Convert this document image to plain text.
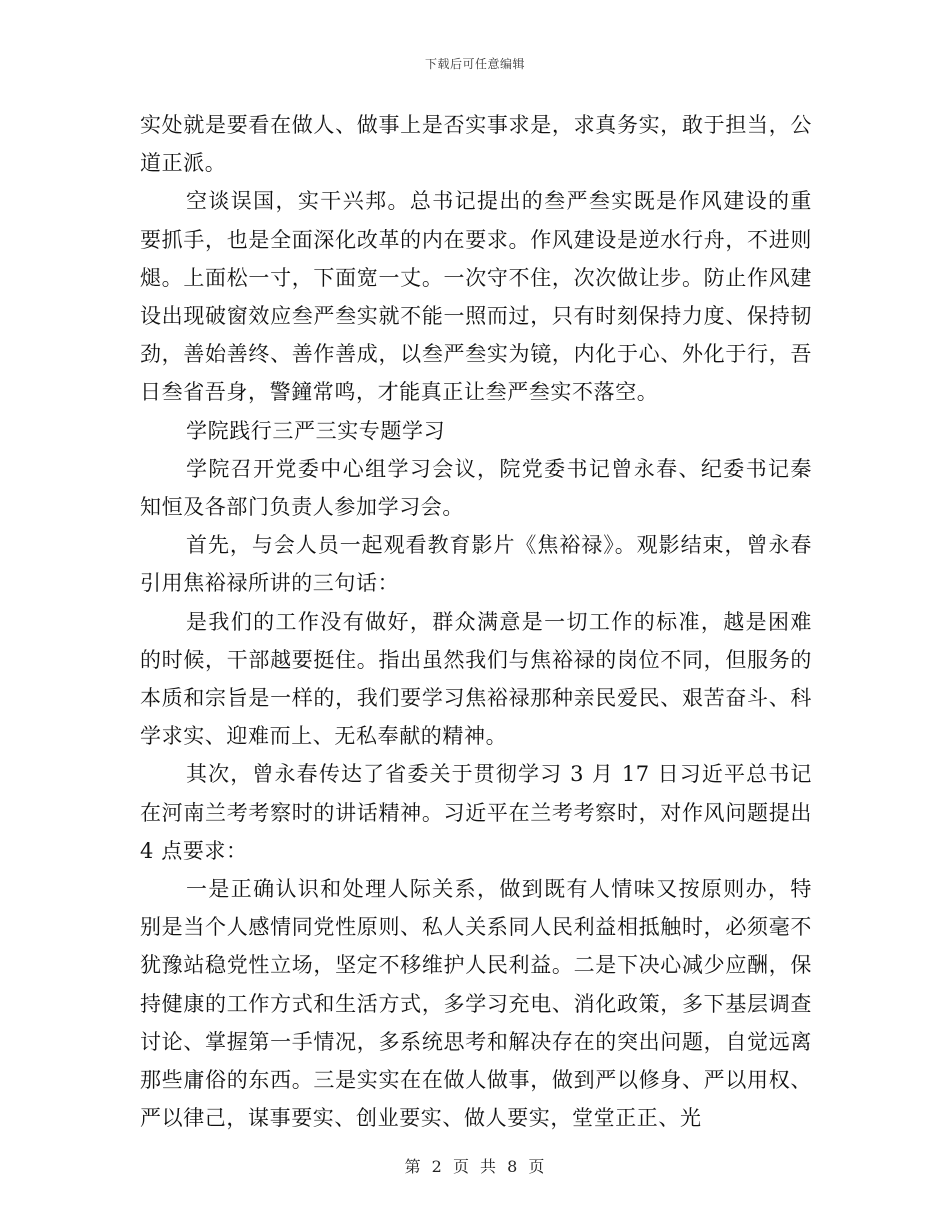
下载后可任意编辑

实处就是要看在做人、做事上是否实事求是，求真务实，敢于担当，公道正派。

空谈误国，实干兴邦。总书记提出的叁严叁实既是作风建设的重要抓手，也是全面深化改革的内在要求。作风建设是逆水行舟，不进则煺。上面松一寸，下面宽一丈。一次守不住，次次做让步。防止作风建设出现破窗效应叁严叁实就不能一照而过，只有时刻保持力度、保持韧劲，善始善终、善作善成，以叁严叁实为镜，内化于心、外化于行，吾日叁省吾身，警鐘常鸣，才能真正让叁严叁实不落空。

学院践行三严三实专题学习

学院召开党委中心组学习会议，院党委书记曾永春、纪委书记秦知恒及各部门负责人参加学习会。

首先，与会人员一起观看教育影片《焦裕禄》。观影结束，曾永春引用焦裕禄所讲的三句话：

是我们的工作没有做好，群众满意是一切工作的标准，越是困难的时候，干部越要挺住。指出虽然我们与焦裕禄的岗位不同，但服务的本质和宗旨是一样的，我们要学习焦裕禄那种亲民爱民、艰苦奋斗、科学求实、迎难而上、无私奉献的精神。

其次，曾永春传达了省委关于贯彻学习 3 月 17 日习近平总书记在河南兰考考察时的讲话精神。习近平在兰考考察时，对作风问题提出 4 点要求：

一是正确认识和处理人际关系，做到既有人情味又按原则办，特别是当个人感情同党性原则、私人关系同人民利益相抵触时，必须毫不犹豫站稳党性立场，坚定不移维护人民利益。二是下决心减少应酬，保持健康的工作方式和生活方式，多学习充电、消化政策，多下基层调查讨论、掌握第一手情况，多系统思考和解决存在的突出问题，自觉远离那些庸俗的东西。三是实实在在做人做事，做到严以修身、严以用权、严以律己，谋事要实、创业要实、做人要实，堂堂正正、光

第 2 页 共 8 页
